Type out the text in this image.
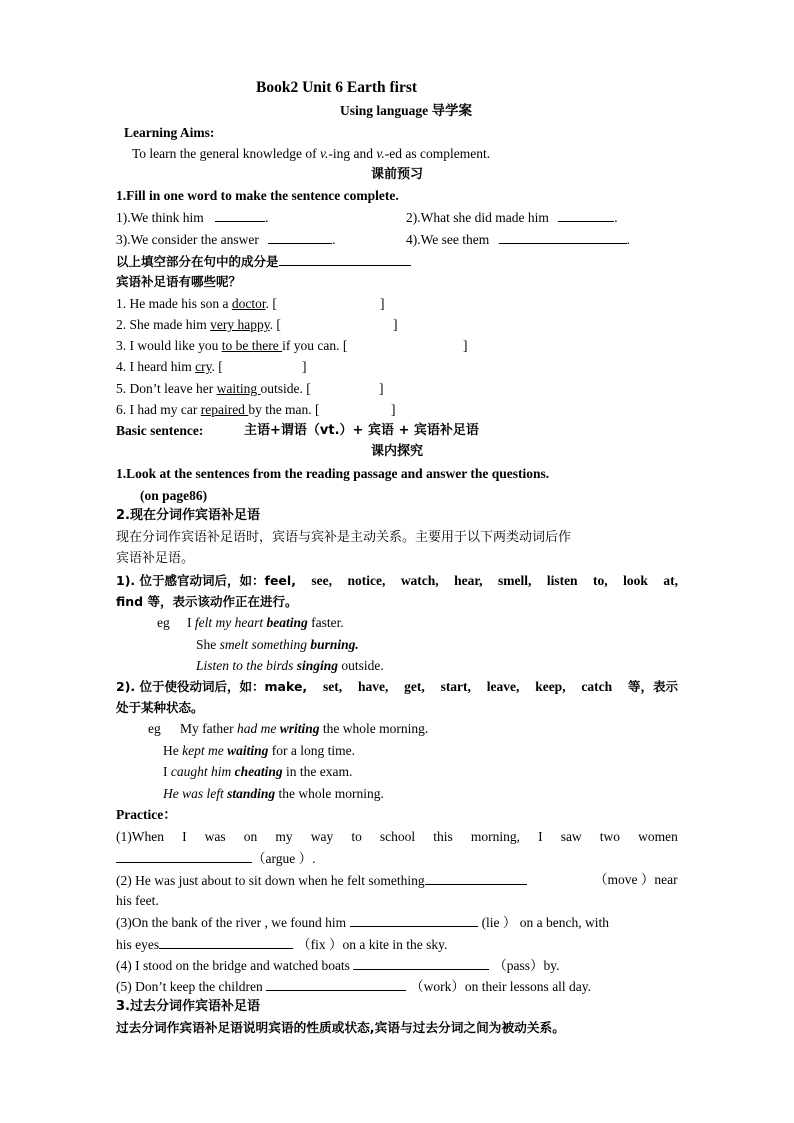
Book2 Unit 6 Earth first
Using language 导学案
Learning Aims:
To learn the general knowledge of v.-ing and v.-ed as complement.
课前预习
1.Fill in one word to make the sentence complete.
1).We think him	.	2).What she did made him	.
3).We consider the answer	.	4).We see them	.
以上填空部分在句中的成分是
宾语补足语有哪些呢？
1. He made his son a doctor. [	]
2. She made him very happy. [	]
3. I would like you to be there if you can. [	]
4. I heard him cry. [	]
5. Don’t leave her waiting outside. [	]
6. I had my car repaired by the man. [	]
Basic sentence:	主语+谓语（vt.）+ 宾语 + 宾语补足语
课内探究
1.Look at the sentences from the reading passage and answer the questions.
(on page86)
2.现在分词作宾语补足语
现在分词作宾语补足语时，宾语与宾补是主动关系。主要用于以下两类动词后作
宾语补足语。
1). 位于感官动词后，如：feel, see, notice, watch, hear, smell, listen to, look at,
find 等，表示该动作正在进行。
eg I felt my heart beating faster.
She smelt something burning.
Listen to the birds singing outside.
2). 位于使役动词后，如：make, set, have, get, start, leave, keep, catch 等，表示
处于某种状态。
eg My father had me writing the whole morning.
He kept me waiting for a long time.
I caught him cheating in the exam.
He was left standing the whole morning.
Practice：
(1)When I was on my way to school this morning, I saw two women
（argue ）.
(2) He was just about to sit down when he felt something	（move ）near
his feet.
(3)On the bank of the river , we found him	(lie ） on a bench, with
his eyes	（fix ）on a kite in the sky.
(4) I stood on the bridge and watched boats	（pass）by.
(5) Don’t keep the children	（work）on their lessons all day.
3.过去分词作宾语补足语
过去分词作宾语补足语说明宾语的性质或状态,宾语与过去分词之间为被动关系。
